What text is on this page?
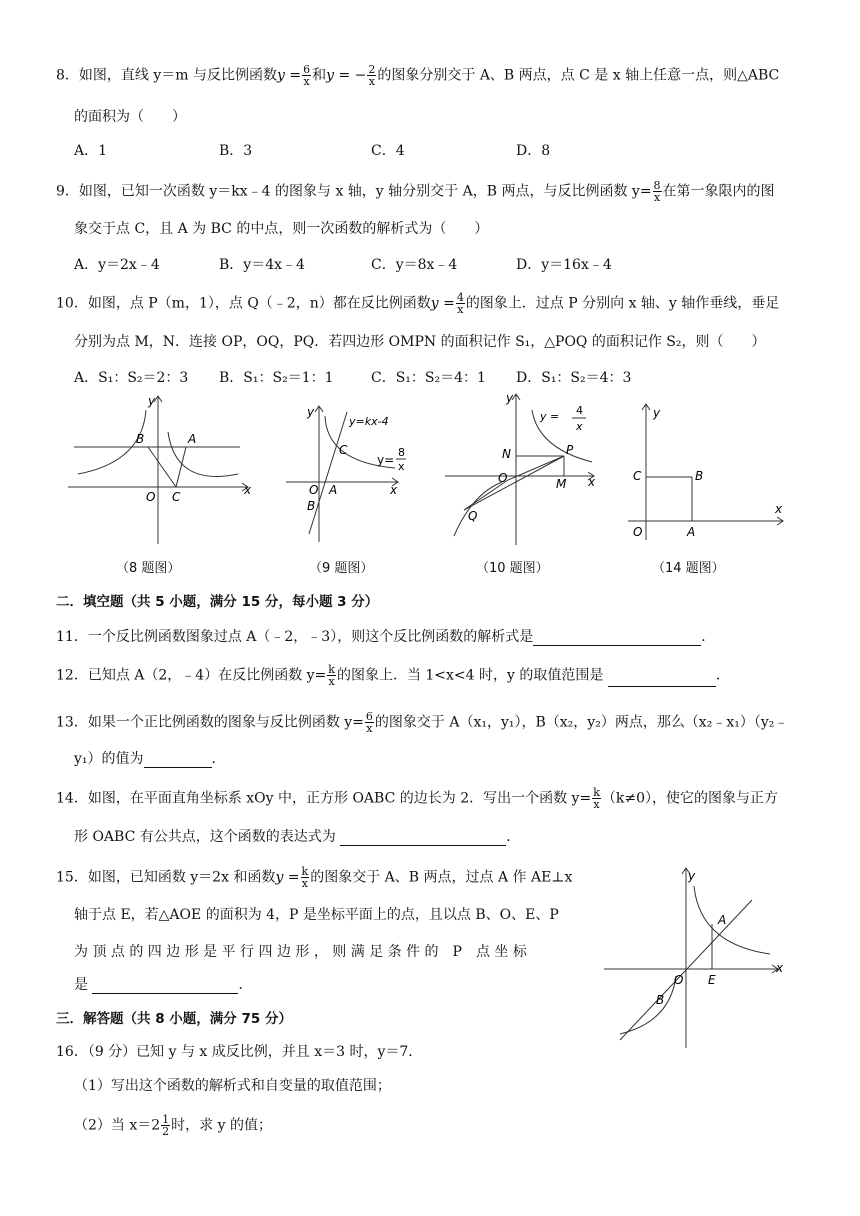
8．如图，直线 y＝m 与反比例函数$y = \frac{6}{x}$ 和y = − $\frac{2}{x}$ 的图象分别交于 A、B 两点，点 C 是 x 轴上任意一点，则△ABC
的面积为（　　）
A．1	B．3	C．4	D．8
9．如图，已知一次函数 y＝kx﹣4 的图象与 x 轴，y 轴分别交于 A，B 两点，与反比例函数 $y= \frac{8}{x}$ 在第一象限内的图
象交于点 C，且 A 为 BC 的中点，则一次函数的解析式为（　　）
A．y＝2x﹣4	B．y＝4x﹣4	C．y＝8x﹣4	D．y＝16x﹣4
10．如图，点 P（m，1），点 Q（﹣2，n）都在反比例函数$y = \frac{4}{x}$ 的图象上．过点 P 分别向 x 轴、y 轴作垂线，垂足
分别为点 M，N．连接 OP，OQ，PQ．若四边形 OMPN 的面积记作 S₁，△POQ 的面积记作 S₂，则（　　）
A．S₁：S₂＝2：3 B．S₁：S₂＝1：1	C．S₁：S₂＝4：1 D．S₁：S₂＝4：3
y
x
B	A
O C
（8 题图）
y
x
y=kx-4
C
O A
B
y=
8
x
（9 题图）
y
x
y = 4
x
N	P
O	M
Q
（10 题图）
y
x
C	B
O	A
（14 题图）
二．填空题（共 5 小题，满分 15 分，每小题 3 分）
11．一个反比例函数图象过点 A（﹣2，﹣3），则这个反比例函数的解析式是	．
12．已知点 A（2，﹣4）在反比例函数 $y= \frac{k}{x}$ 的图象上．当 1<x<4 时，y 的取值范围是	．
13．如果一个正比例函数的图象与反比例函数 $y= \frac{6}{x}$ 的图象交于 A（x₁，y₁），B（x₂，y₂）两点，那么（x₂﹣x₁）（y₂﹣
y₁）的值为	．
14．如图，在平面直角坐标系 xOy 中，正方形 OABC 的边长为 2．写出一个函数 $y= \frac{k}{x} (k\ne 0)$，使它的图象与正方
形 OABC 有公共点，这个函数的表达式为	．
15．如图，已知函数 y＝2x 和函数$y = \frac{k}{x}$ 的图象交于 A、B 两点，过点 A 作 AE⊥x
轴于点 E，若△AOE 的面积为 4，P 是坐标平面上的点，且以点 B、O、E、P
为 顶 点 的 四 边 形 是 平 行 四 边 形 ， 则 满 足 条 件 的　P　点 坐 标
是	．
y
x
A
O E
B
三．解答题（共 8 小题，满分 75 分）
16．（9 分）已知 y 与 x 成反比例，并且 x＝3 时，y＝7．
（1）写出这个函数的解析式和自变量的取值范围；
（2）当 $x=2 \frac{1}{2}$ 时，求 y 的值；
